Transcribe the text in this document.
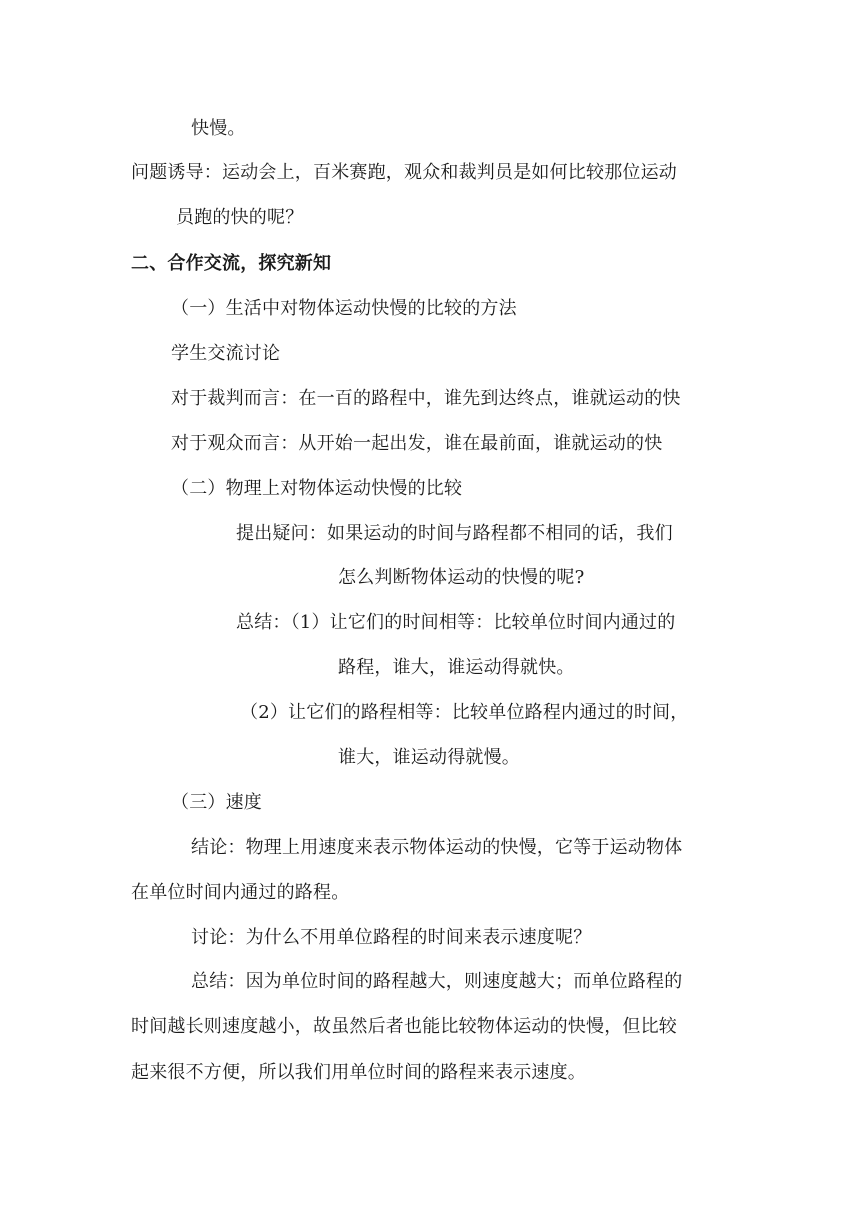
快慢。
问题诱导：运动会上，百米赛跑，观众和裁判员是如何比较那位运动
员跑的快的呢？
二、合作交流，探究新知
（一）生活中对物体运动快慢的比较的方法
学生交流讨论
对于裁判而言：在一百的路程中，谁先到达终点，谁就运动的快
对于观众而言：从开始一起出发，谁在最前面，谁就运动的快
（二）物理上对物体运动快慢的比较
提出疑问：如果运动的时间与路程都不相同的话，我们
怎么判断物体运动的快慢的呢?
总结：（1）让它们的时间相等：比较单位时间内通过的
路程，谁大，谁运动得就快。
（2）让它们的路程相等：比较单位路程内通过的时间，
谁大，谁运动得就慢。
（三）速度
结论：物理上用速度来表示物体运动的快慢，它等于运动物体
在单位时间内通过的路程。
讨论：为什么不用单位路程的时间来表示速度呢？
总结：因为单位时间的路程越大，则速度越大；而单位路程的
时间越长则速度越小，故虽然后者也能比较物体运动的快慢，但比较
起来很不方便，所以我们用单位时间的路程来表示速度。
